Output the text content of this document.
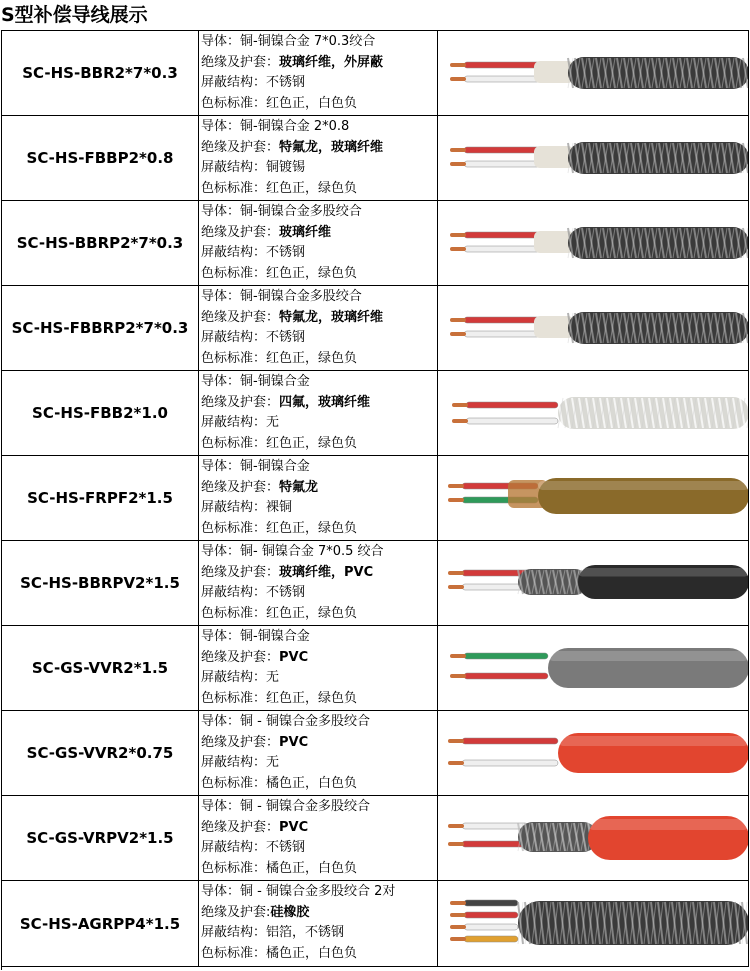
S型补偿导线展示
SC-HS-BBR2*7*0.3
导体：铜-铜镍合金 7*0.3绞合
绝缘及护套：玻璃纤维，外屏蔽
屏蔽结构：不锈钢
色标标准：红色正，白色负
SC-HS-FBBP2*0.8
导体：铜-铜镍合金 2*0.8
绝缘及护套：特氟龙，玻璃纤维
屏蔽结构：铜镀锡
色标标准：红色正，绿色负
SC-HS-BBRP2*7*0.3
导体：铜-铜镍合金多股绞合
绝缘及护套：玻璃纤维
屏蔽结构：不锈钢
色标标准：红色正，绿色负
SC-HS-FBBRP2*7*0.3
导体：铜-铜镍合金多股绞合
绝缘及护套：特氟龙，玻璃纤维
屏蔽结构：不锈钢
色标标准：红色正，绿色负
SC-HS-FBB2*1.0
导体：铜-铜镍合金
绝缘及护套：四氟，玻璃纤维
屏蔽结构：无
色标标准：红色正，绿色负
SC-HS-FRPF2*1.5
导体：铜-铜镍合金
绝缘及护套：特氟龙
屏蔽结构：裸铜
色标标准：红色正，绿色负
SC-HS-BBRPV2*1.5
导体：铜- 铜镍合金 7*0.5 绞合
绝缘及护套：玻璃纤维，PVC
屏蔽结构：不锈钢
色标标准：红色正，绿色负
SC-GS-VVR2*1.5
导体：铜-铜镍合金
绝缘及护套：PVC
屏蔽结构：无
色标标准：红色正，绿色负
SC-GS-VVR2*0.75
导体：铜 - 铜镍合金多股绞合
绝缘及护套：PVC
屏蔽结构：无
色标标准：橘色正，白色负
SC-GS-VRPV2*1.5
导体：铜 - 铜镍合金多股绞合
绝缘及护套：PVC
屏蔽结构：不锈钢
色标标准：橘色正，白色负
SC-HS-AGRPP4*1.5
导体：铜 - 铜镍合金多股绞合 2对
绝缘及护套:硅橡胶
屏蔽结构：铝箔，不锈钢
色标标准：橘色正，白色负
